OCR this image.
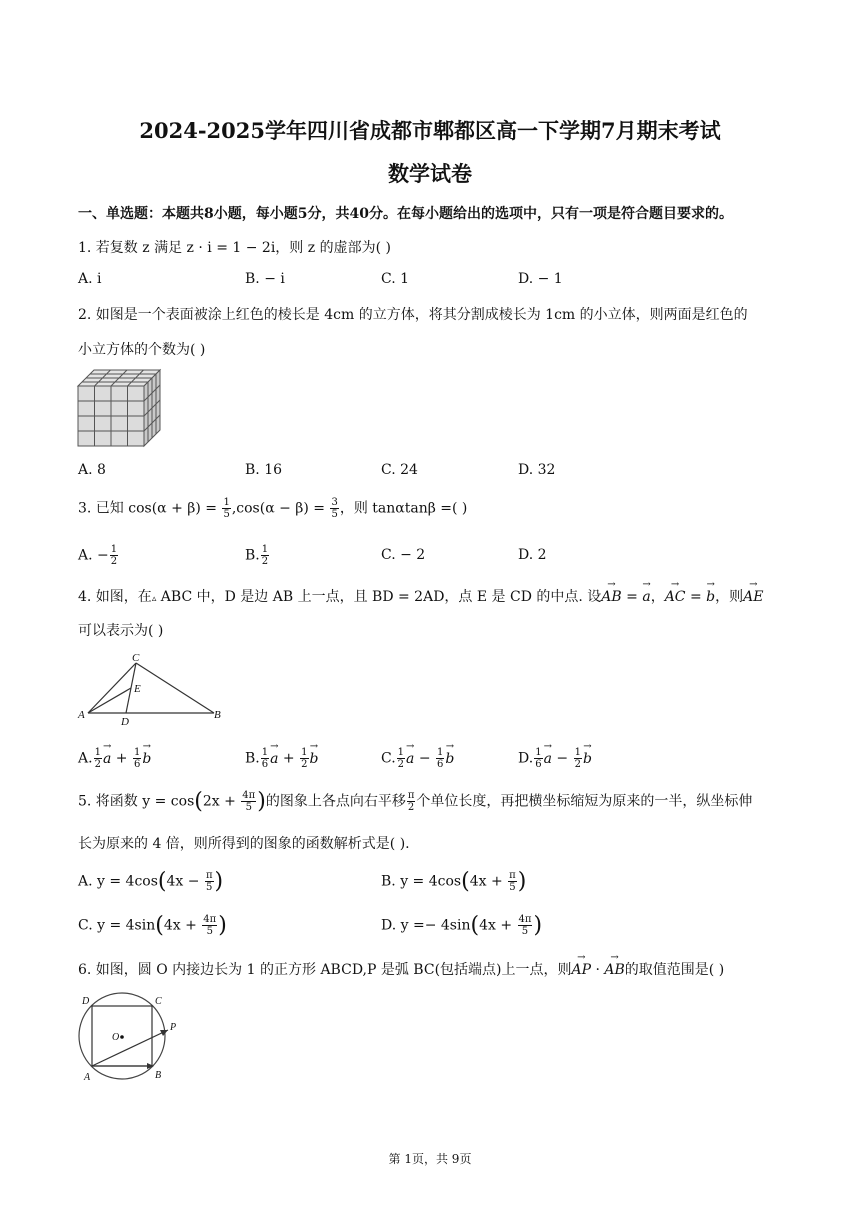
2024-2025学年四川省成都市郫都区高一下学期7月期末考试
数学试卷
一、单选题：本题共8小题，每小题5分，共40分。在每小题给出的选项中，只有一项是符合题目要求的。
1. 若复数 z 满足 z · i = 1 − 2i，则 z 的虚部为( )
A. i	B. − i	C. 1	D. − 1
2. 如图是一个表面被涂上红色的棱长是 4cm 的立方体，将其分割成棱长为 1cm 的小立体，则两面是红色的
小立方体的个数为( )
A. 8	B. 16	C. 24	D. 32
3. 已知 $\cos(\alpha + \beta) = \frac{1}{5} ,\cos(\alpha - \beta) = \frac{3}{5}$ ，则 tanαtanβ =( )
A. − $\frac{1}{2}$	B. $\frac{1}{2}$	C. − 2	D. 2
4. 如图，在▵ ABC 中，D 是边 AB 上一点，且 BD = 2AD，点 E 是 CD 的中点. 设→ AB = → a，→ AC = → b，则→ AE
可以表示为( )
C
E
A
D
B
A. $\frac{1}{2}$
→ $a + \frac{1}{6}$
→ b	B. $\frac{1}{6}$
→ $a + \frac{1}{2}$
→ b	C. $\frac{1}{2}$
→ $a - \frac{1}{6}$
→ b	D. $\frac{1}{6}$
→ $a - \frac{1}{2}$
→ b
5. 将函数 $y = \cos(2x + \frac{4\pi}{5}$ )的图象上各点向右平移 $\frac{\pi}{2}$ 个单位长度，再把横坐标缩短为原来的一半，纵坐标伸
长为原来的 4 倍，则所得到的图象的函数解析式是( ).
A. $y = 4\cos(4x - \frac{\pi}{5}$ )	B. $y = 4\cos(4x + \frac{\pi}{5}$ )
C. $y = 4\sin(4x + \frac{4\pi}{5}$ )	D. $y =- 4\sin(4x + \frac{4\pi}{5}$ )
6. 如图，圆 O 内接边长为 1 的正方形 ABCD,P 是弧 BC(包括端点)上一点，则→ AP · → AB的取值范围是( )
D	C
O
P
A	B
第 1页，共 9页
